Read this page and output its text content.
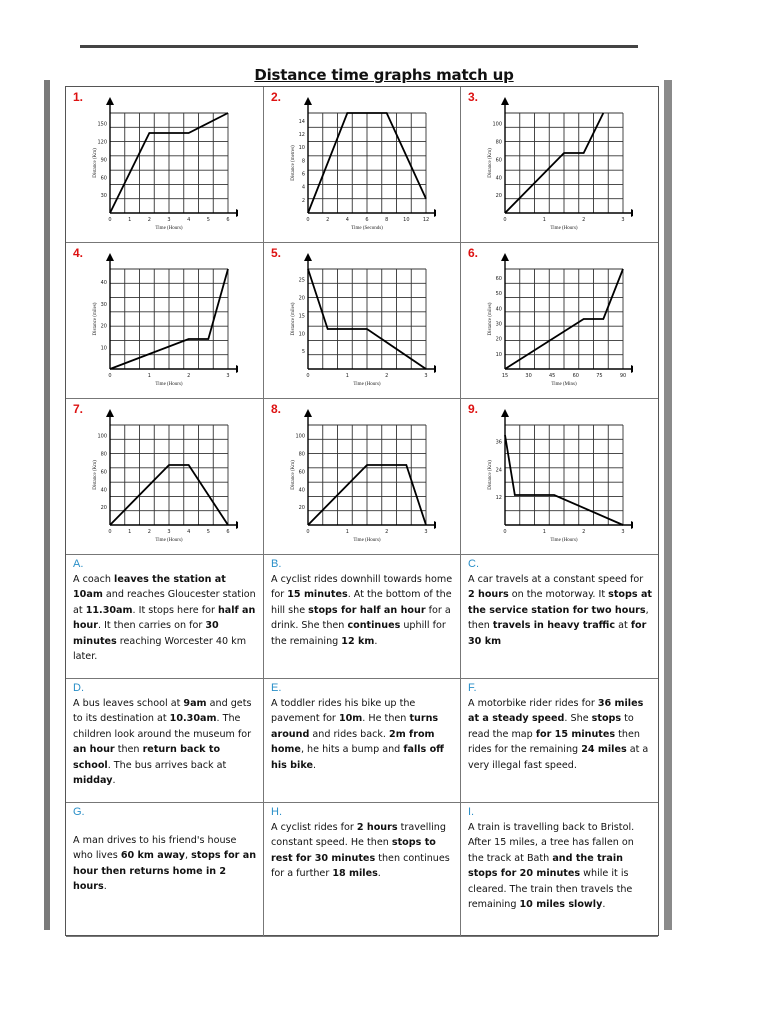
Distance time graphs match up
1.
150
120
90
60
30
0	1	2	3	4	5	6
Distance (Km)
Time (Hours)
2.
14
12
10
8
6
4
2
0	2	4	6	8	10	12
Distance (metres)
Time (Seconds)
3.
100
80
60
40
20
0	1	2	3
Distance (Km)
Time (Hours)
4.
40
30
20
10
0	1	2	3
Distance (miles)
Time (Hours)
5.
25
20
15
10
5
0	1	2	3
Distance (miles)
Time (Hours)
6.
60
50
40
30
20
10
15	30	45	60	75	90
Distance (miles)
Time (Mins)
7.
100
80
60
40
20
0	1	2	3	4	5	6
Distance (Km)
Time (Hours)
8.
100
80
60
40
20
0	1	2	3
Distance (Km)
Time (Hours)
9.
36
24
12
0	1	2	3
Distance (Km)
Time (Hours)
A.
A coach leaves the station at 10am and reaches Gloucester station at 11.30am. It stops here for half an hour. It then carries on for 30 minutes reaching Worcester 40 km later.
B.
A cyclist rides downhill towards home for 15 minutes. At the bottom of the hill she stops for half an hour for a drink. She then continues uphill for the remaining 12 km.
C.
A car travels at a constant speed for 2 hours on the motorway. It stops at the service station for two hours, then travels in heavy traffic at for 30 km
D.
A bus leaves school at 9am and gets to its destination at 10.30am. The children look around the museum for an hour then return back to school. The bus arrives back at midday.
E.
A toddler rides his bike up the pavement for 10m. He then turns around and rides back. 2m from home, he hits a bump and falls off his bike.
F.
A motorbike rider rides for 36 miles at a steady speed. She stops to read the map for 15 minutes then rides for the remaining 24 miles at a very illegal fast speed.
G.
A man drives to his friend's house who lives 60 km away, stops for an hour then returns home in 2 hours.
H.
A cyclist rides for 2 hours travelling constant speed. He then stops to rest for 30 minutes then continues for a further 18 miles.
I.
A train is travelling back to Bristol. After 15 miles, a tree has fallen on the track at Bath and the train stops for 20 minutes while it is cleared. The train then travels the remaining 10 miles slowly.
